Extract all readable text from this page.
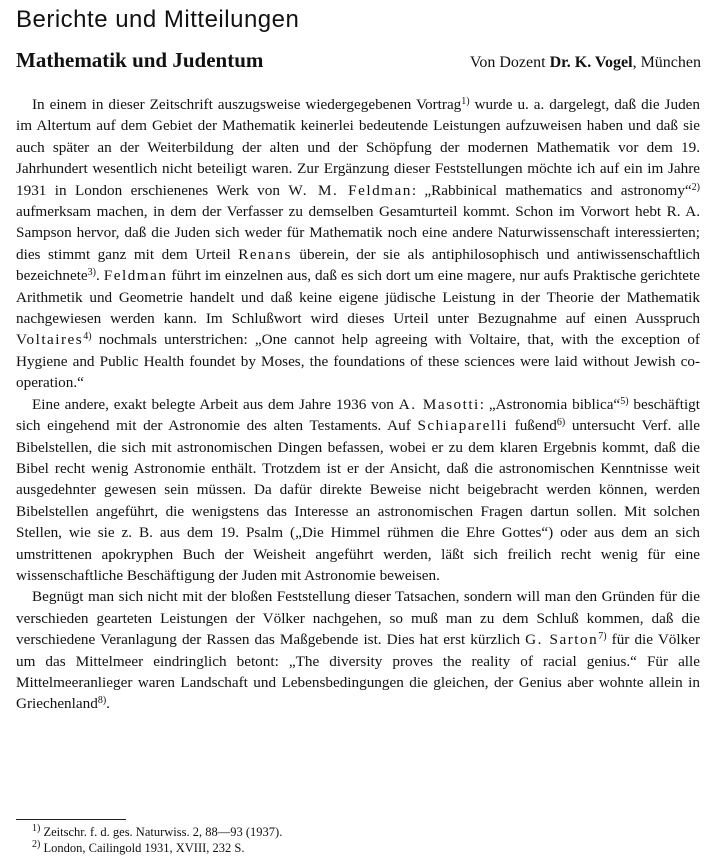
Berichte und Mitteilungen
Mathematik und Judentum	Von Dozent Dr. K. Vogel, München

In einem in dieser Zeitschrift auszugsweise wiedergegebenen Vortrag$^{1)}$ wurde u. a. dargelegt, daß die Juden im Altertum auf dem Gebiet der Mathematik keinerlei bedeutende Leistungen aufzuweisen haben und daß sie auch später an der Weiterbildung der alten und der Schöpfung der modernen Mathematik vor dem 19. Jahrhundert wesentlich nicht beteiligt waren. Zur Ergänzung dieser Feststellungen möchte ich auf ein im Jahre 1931 in London erschienenes Werk von W. M. Feldman: „Rabbinical mathematics and astronomy“$^{2)}$ aufmerksam machen, in dem der Verfasser zu demselben Gesamturteil kommt. Schon im Vorwort hebt R. A. Sampson hervor, daß die Juden sich weder für Mathematik noch eine andere Naturwissenschaft interessierten; dies stimmt ganz mit dem Urteil Renans überein, der sie als antiphilosophisch und antiwissenschaftlich bezeichnete$^{3)}$. Feldman führt im einzelnen aus, daß es sich dort um eine magere, nur aufs Praktische gerichtete Arithmetik und Geometrie handelt und daß keine eigene jüdische Leistung in der Theorie der Mathematik nachgewiesen werden kann. Im Schlußwort wird dieses Urteil unter Bezugnahme auf einen Ausspruch Voltaires$^{4)}$ nochmals unterstrichen: „One cannot help agreeing with Voltaire, that, with the exception of Hygiene and Public Health foundet by Moses, the foundations of these sciences were laid without Jewish co-operation.“

Eine andere, exakt belegte Arbeit aus dem Jahre 1936 von A. Masotti: „Astronomia biblica“$^{5)}$ beschäftigt sich eingehend mit der Astronomie des alten Testaments. Auf Schiaparelli fußend$^{6)}$ untersucht Verf. alle Bibelstellen, die sich mit astronomischen Dingen befassen, wobei er zu dem klaren Ergebnis kommt, daß die Bibel recht wenig Astronomie enthält. Trotzdem ist er der Ansicht, daß die astronomischen Kenntnisse weit ausgedehnter gewesen sein müssen. Da dafür direkte Beweise nicht beigebracht werden können, werden Bibelstellen angeführt, die wenigstens das Interesse an astronomischen Fragen dartun sollen. Mit solchen Stellen, wie sie z. B. aus dem 19. Psalm („Die Himmel rühmen die Ehre Gottes“) oder aus dem an sich umstrittenen apokryphen Buch der Weisheit angeführt werden, läßt sich freilich recht wenig für eine wissenschaftliche Beschäftigung der Juden mit Astronomie beweisen.

Begnügt man sich nicht mit der bloßen Feststellung dieser Tatsachen, sondern will man den Gründen für die verschieden gearteten Leistungen der Völker nachgehen, so muß man zu dem Schluß kommen, daß die verschiedene Veranlagung der Rassen das Maßgebende ist. Dies hat erst kürzlich G. Sarton$^{7)}$ für die Völker um das Mittelmeer eindringlich betont: „The diversity proves the reality of racial genius.“ Für alle Mittelmeeranlieger waren Landschaft und Lebensbedingungen die gleichen, der Genius aber wohnte allein in Griechenland$^{8)}$.

$^{1)}$ Zeitschr. f. d. ges. Naturwiss. 2, 88—93 (1937).
$^{2)}$ London, Cailingold 1931, XVIII, 232 S.
